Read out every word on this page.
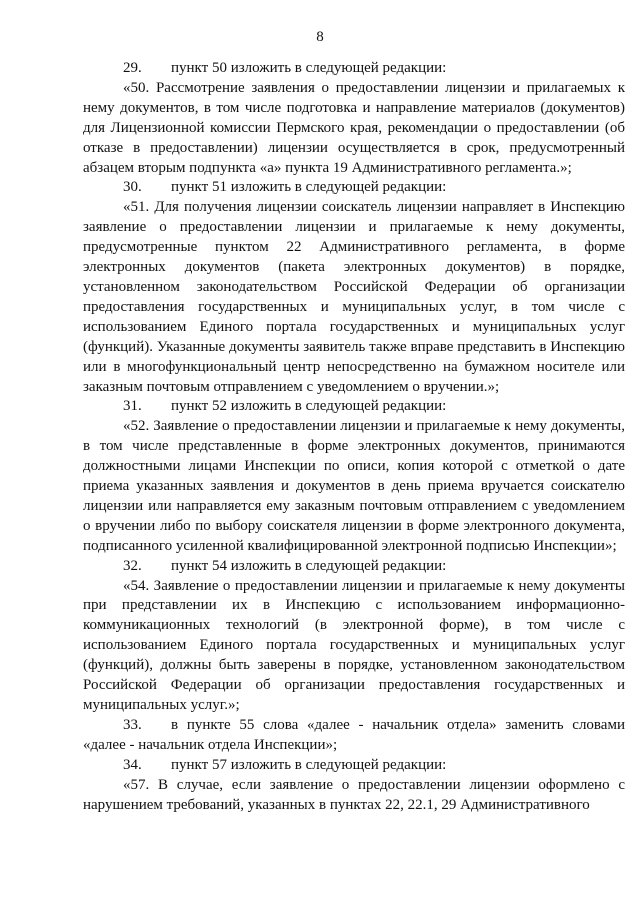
8

29. пункт 50 изложить в следующей редакции:

«50. Рассмотрение заявления о предоставлении лицензии и прилагаемых к нему документов, в том числе подготовка и направление материалов (документов) для Лицензионной комиссии Пермского края, рекомендации о предоставлении (об отказе в предоставлении) лицензии осуществляется в срок, предусмотренный абзацем вторым подпункта «а» пункта 19 Административного регламента.»;

30. пункт 51 изложить в следующей редакции:

«51. Для получения лицензии соискатель лицензии направляет в Инспекцию заявление о предоставлении лицензии и прилагаемые к нему документы, предусмотренные пунктом 22 Административного регламента, в форме электронных документов (пакета электронных документов) в порядке, установленном законодательством Российской Федерации об организации предоставления государственных и муниципальных услуг, в том числе с использованием Единого портала государственных и муниципальных услуг (функций). Указанные документы заявитель также вправе представить в Инспекцию или в многофункциональный центр непосредственно на бумажном носителе или заказным почтовым отправлением с уведомлением о вручении.»;

31. пункт 52 изложить в следующей редакции:

«52. Заявление о предоставлении лицензии и прилагаемые к нему документы, в том числе представленные в форме электронных документов, принимаются должностными лицами Инспекции по описи, копия которой с отметкой о дате приема указанных заявления и документов в день приема вручается соискателю лицензии или направляется ему заказным почтовым отправлением с уведомлением о вручении либо по выбору соискателя лицензии в форме электронного документа, подписанного усиленной квалифицированной электронной подписью Инспекции»;

32. пункт 54 изложить в следующей редакции:

«54. Заявление о предоставлении лицензии и прилагаемые к нему документы при представлении их в Инспекцию с использованием информационно-коммуникационных технологий (в электронной форме), в том числе с использованием Единого портала государственных и муниципальных услуг (функций), должны быть заверены в порядке, установленном законодательством Российской Федерации об организации предоставления государственных и муниципальных услуг.»;

33. в пункте 55 слова «далее - начальник отдела» заменить словами «далее - начальник отдела Инспекции»;

34. пункт 57 изложить в следующей редакции:

«57. В случае, если заявление о предоставлении лицензии оформлено с нарушением требований, указанных в пунктах 22, 22.1, 29 Административного
